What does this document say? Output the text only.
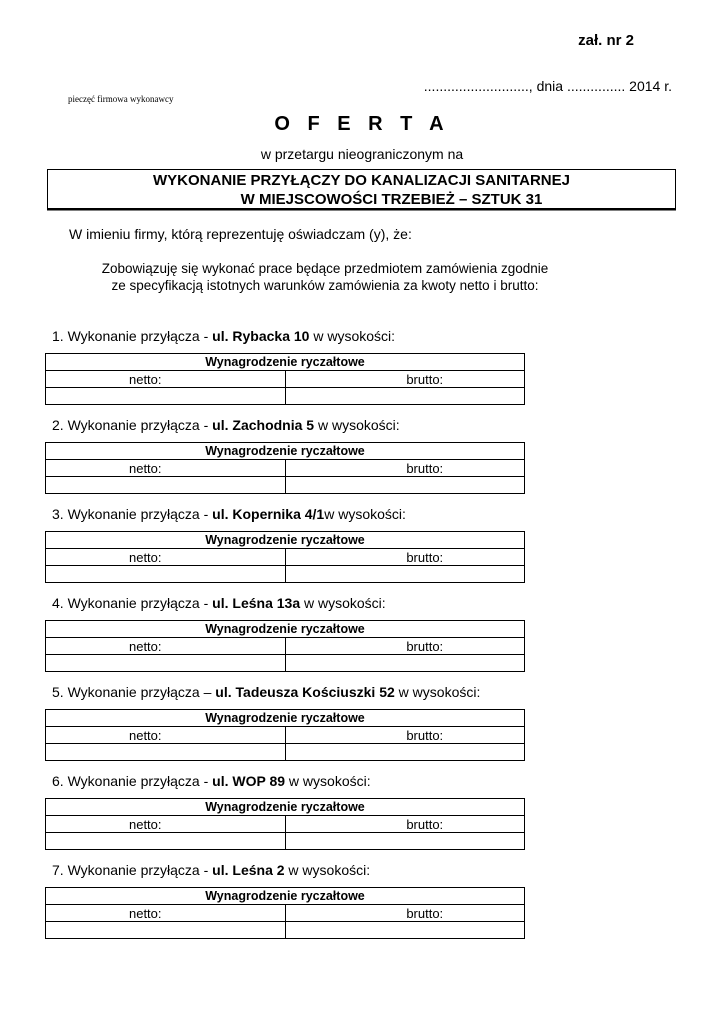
zał. nr 2
..........................., dnia ............... 2014 r.
pieczęć firmowa wykonawcy
O F E R T A
w przetargu nieograniczonym na
WYKONANIE PRZYŁĄCZY DO KANALIZACJI SANITARNEJ
W MIEJSCOWOŚCI TRZEBIEŻ – SZTUK 31
W imieniu firmy, którą reprezentuję oświadczam (y), że:
Zobowiązuję się wykonać prace będące przedmiotem zamówienia zgodnie
ze specyfikacją istotnych warunków zamówienia za kwoty netto i brutto:
1. Wykonanie przyłącza - ul. Rybacka 10 w wysokości:
Wynagrodzenie ryczałtowe	
netto:	brutto:

2. Wykonanie przyłącza - ul. Zachodnia 5 w wysokości:
Wynagrodzenie ryczałtowe	
netto:	brutto:

3. Wykonanie przyłącza - ul. Kopernika 4/1w wysokości:
Wynagrodzenie ryczałtowe	
netto:	brutto:

4. Wykonanie przyłącza - ul. Leśna 13a w wysokości:
Wynagrodzenie ryczałtowe	
netto:	brutto:

5. Wykonanie przyłącza – ul. Tadeusza Kościuszki 52 w wysokości:
Wynagrodzenie ryczałtowe	
netto:	brutto:

6. Wykonanie przyłącza - ul. WOP 89 w wysokości:
Wynagrodzenie ryczałtowe	
netto:	brutto:

7. Wykonanie przyłącza - ul. Leśna 2 w wysokości:
Wynagrodzenie ryczałtowe	
netto:	brutto:
